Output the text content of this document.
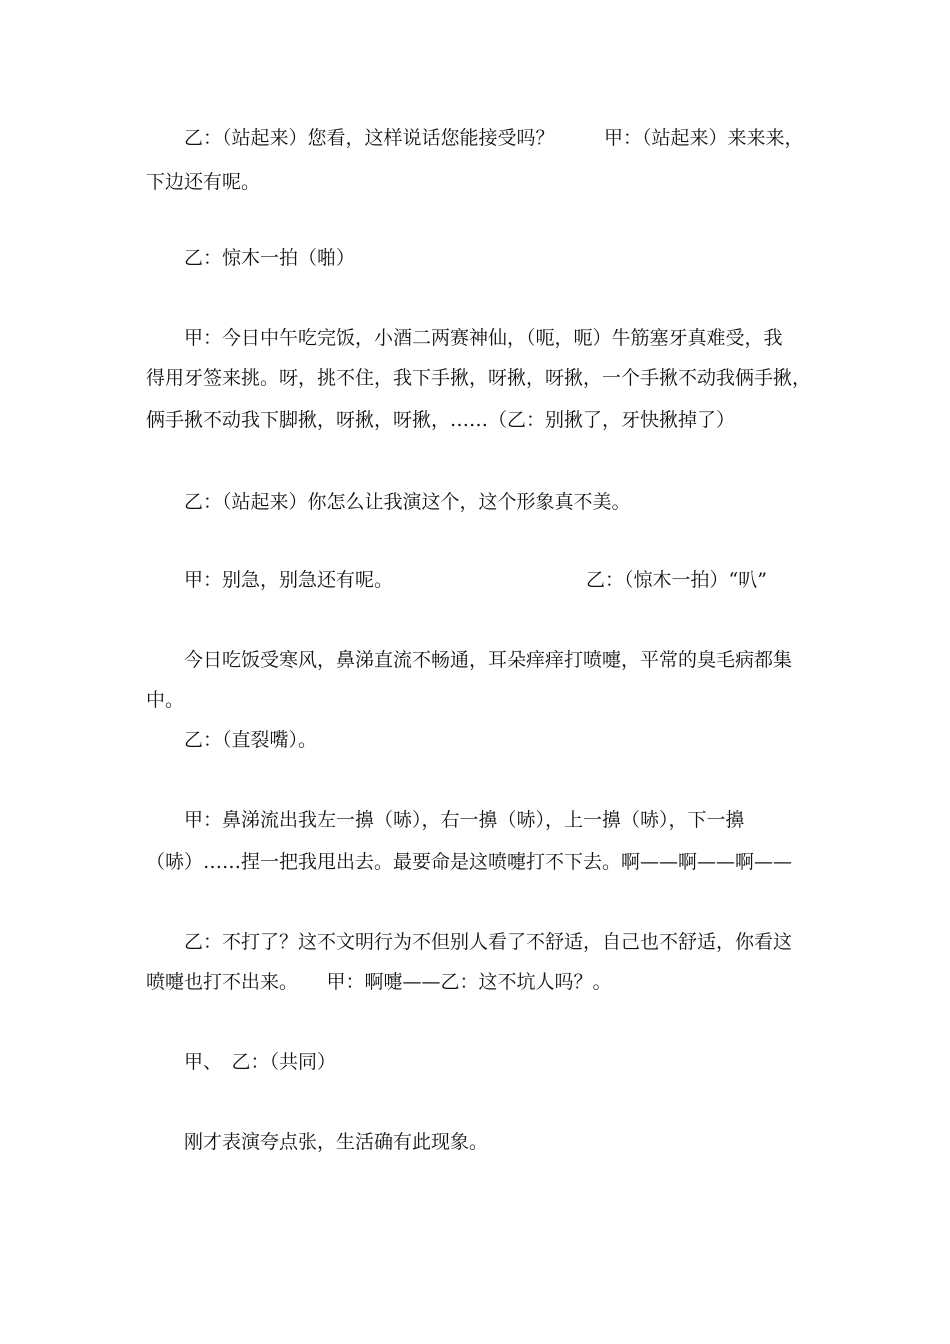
乙：（站起来）您看，这样说话您能接受吗？	甲：（站起来）来来来，
下边还有呢。
乙：惊木一拍（啪）
甲：今日中午吃完饭，小酒二两赛神仙，（呃，呃）牛筋塞牙真难受，我
得用牙签来挑。呀，挑不住，我下手揪，呀揪，呀揪，一个手揪不动我俩手揪，
俩手揪不动我下脚揪，呀揪，呀揪，……（乙：别揪了，牙快揪掉了）
乙：（站起来）你怎么让我演这个，这个形象真不美。
甲：别急，别急还有呢。	乙：（惊木一拍）“叭”
今日吃饭受寒风，鼻涕直流不畅通，耳朵痒痒打喷嚏，平常的臭毛病都集
中。
乙：（直裂嘴）。
甲：鼻涕流出我左一擤（哧），右一擤（哧），上一擤（哧），下一擤
（哧）……捏一把我甩出去。最要命是这喷嚏打不下去。啊——啊——啊——
乙：不打了？这不文明行为不但别人看了不舒适，自己也不舒适，你看这
喷嚏也打不出来。　　甲：啊嚏——乙：这不坑人吗？。
甲、　乙：（共同）
刚才表演夸点张，生活确有此现象。
